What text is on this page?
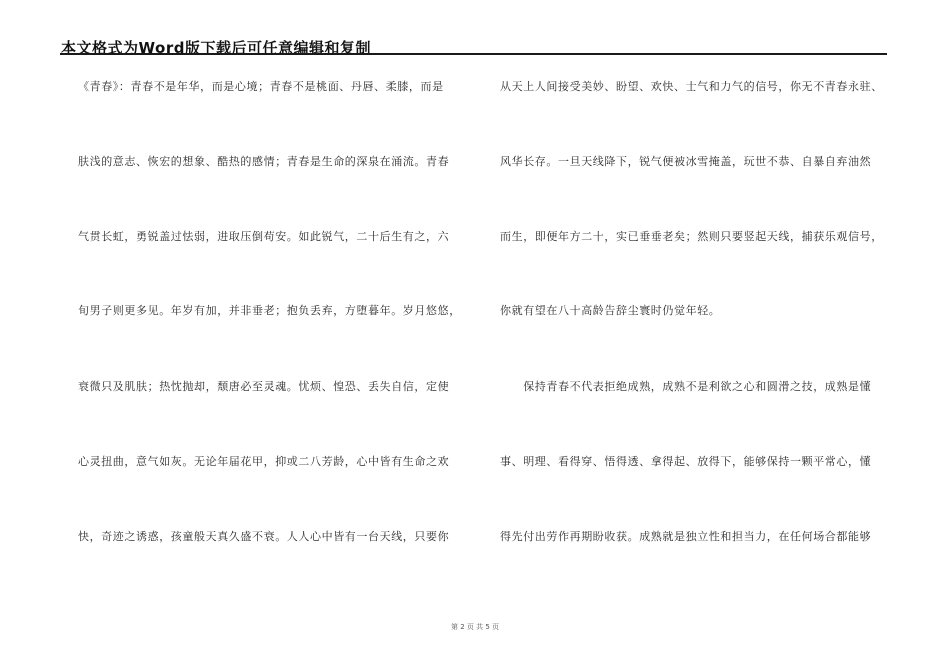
本文格式为Word版下载后可任意编辑和复制
《青春》：青春不是年华，而是心境；青春不是桃面、丹唇、柔膝，而是
肤浅的意志、恢宏的想象、酷热的感情；青春是生命的深泉在涌流。青春
气贯长虹，勇锐盖过怯弱，进取压倒苟安。如此锐气，二十后生有之，六
旬男子则更多见。年岁有加，并非垂老；抱负丢弃，方堕暮年。岁月悠悠，
衰微只及肌肤；热忱抛却，颓唐必至灵魂。忧烦、惶恐、丢失自信，定使
心灵扭曲，意气如灰。无论年届花甲，抑或二八芳龄，心中皆有生命之欢
快，奇迹之诱惑，孩童般天真久盛不衰。人人心中皆有一台天线，只要你
从天上人间接受美妙、盼望、欢快、士气和力气的信号，你无不青春永驻、
风华长存。一旦天线降下，锐气便被冰雪掩盖，玩世不恭、自暴自弃油然
而生，即便年方二十，实已垂垂老矣；然则只要竖起天线，捕获乐观信号，
你就有望在八十高龄告辞尘寰时仍觉年轻。
　　保持青春不代表拒绝成熟，成熟不是利欲之心和圆滑之技，成熟是懂
事、明理、看得穿、悟得透、拿得起、放得下，能够保持一颗平常心，懂
得先付出劳作再期盼收获。成熟就是独立性和担当力，在任何场合都能够
第 2 页 共 5 页
